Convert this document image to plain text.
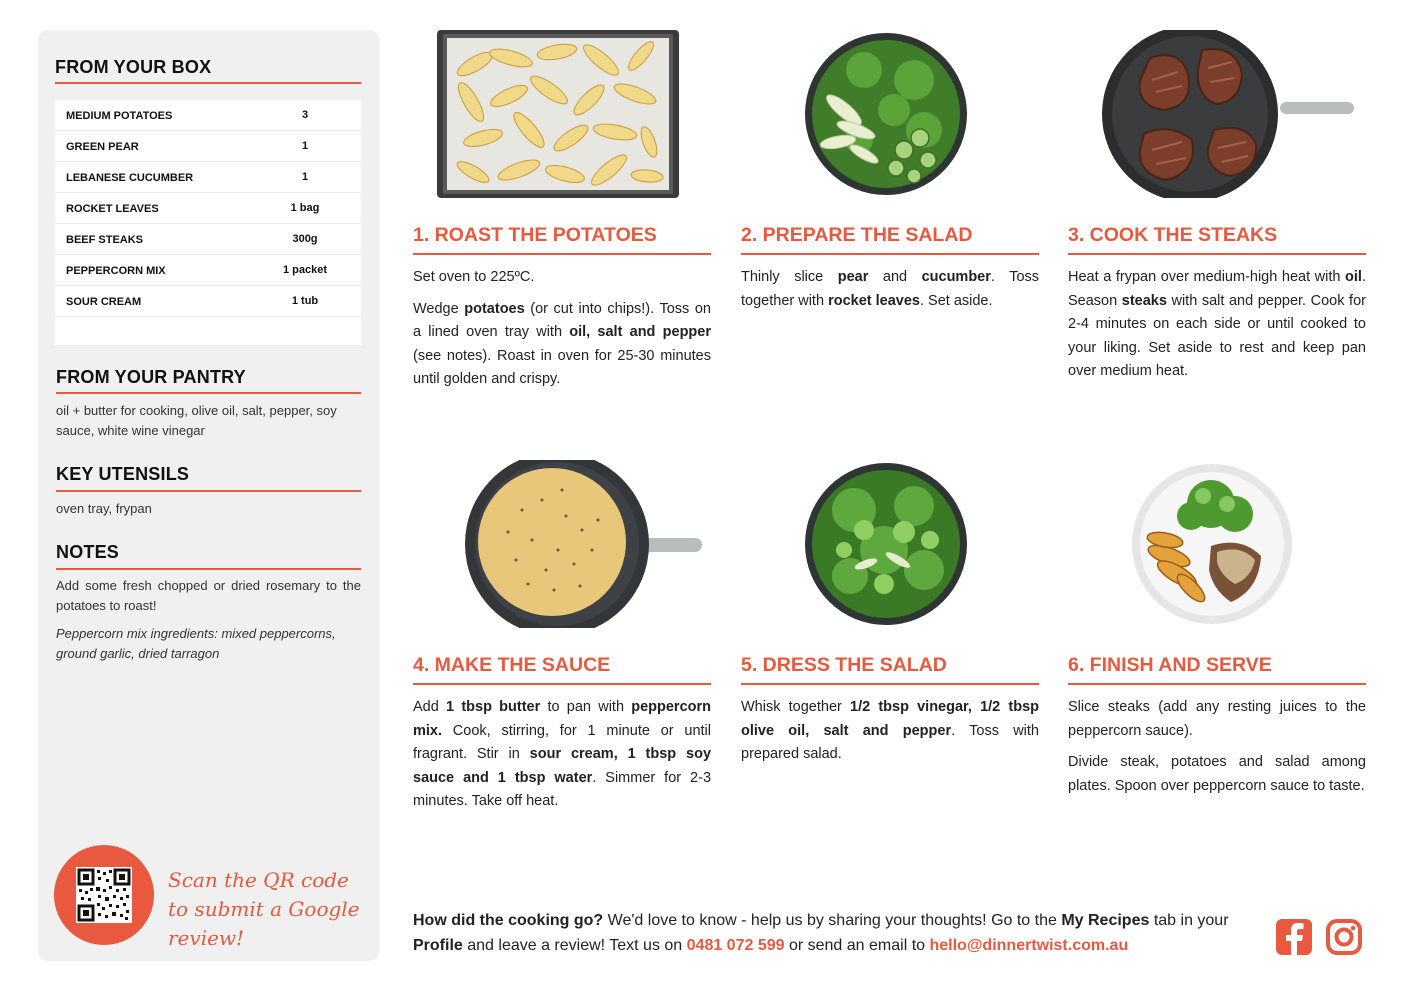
FROM YOUR BOX
MEDIUM POTATOES	3
GREEN PEAR	1
LEBANESE CUCUMBER	1
ROCKET LEAVES	1 bag
BEEF STEAKS	300g
PEPPERCORN MIX	1 packet
SOUR CREAM	1 tub
FROM YOUR PANTRY
oil + butter for cooking, olive oil, salt, pepper, soy sauce, white wine vinegar
KEY UTENSILS
oven tray, frypan
NOTES
Add some fresh chopped or dried rosemary to the potatoes to roast!
Peppercorn mix ingredients: mixed peppercorns, ground garlic, dried tarragon
Scan the QR code to submit a Google review!
1. ROAST THE POTATOES

Set oven to 225ºC.

Wedge potatoes (or cut into chips!). Toss on a lined oven tray with oil, salt and pepper (see notes). Roast in oven for 25-30 minutes until golden and crispy.

2. PREPARE THE SALAD

Thinly slice pear and cucumber. Toss together with rocket leaves. Set aside.

3. COOK THE STEAKS

Heat a frypan over medium-high heat with oil. Season steaks with salt and pepper. Cook for 2-4 minutes on each side or until cooked to your liking. Set aside to rest and keep pan over medium heat.

4. MAKE THE SAUCE

Add 1 tbsp butter to pan with peppercorn mix. Cook, stirring, for 1 minute or until fragrant. Stir in sour cream, 1 tbsp soy sauce and 1 tbsp water. Simmer for 2-3 minutes. Take off heat.

5. DRESS THE SALAD

Whisk together 1/2 tbsp vinegar, 1/2 tbsp olive oil, salt and pepper. Toss with prepared salad.

6. FINISH AND SERVE

Slice steaks (add any resting juices to the peppercorn sauce).

Divide steak, potatoes and salad among plates. Spoon over peppercorn sauce to taste.

How did the cooking go? We'd love to know - help us by sharing your thoughts! Go to the My Recipes tab in your Profile and leave a review! Text us on 0481 072 599 or send an email to hello@dinnertwist.com.au
